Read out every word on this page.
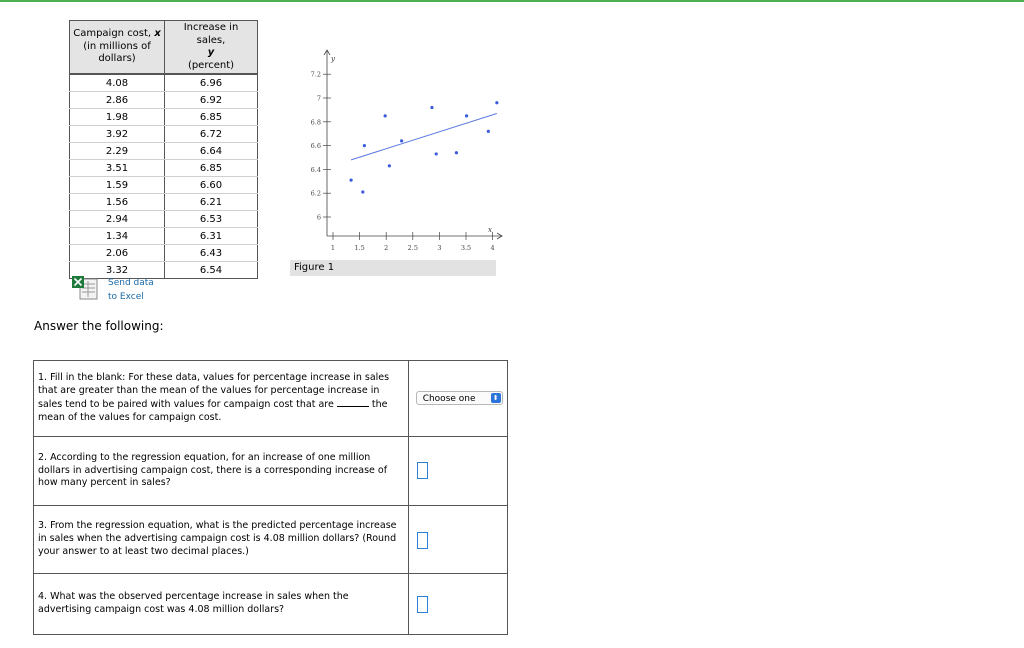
Campaign cost, x
(in millions of
dollars)	Increase in sales,
y
(percent)
4.08	6.96
2.86	6.92
1.98	6.85
3.92	6.72
2.29	6.64
3.51	6.85
1.59	6.60
1.56	6.21
2.94	6.53
1.34	6.31
2.06	6.43
3.32	6.54
Send data
to Excel
Answer the following:
x
y
1	1.5	2	2.5	3	3.5	4
6
6.2
6.4
6.6
6.8
7
7.2
Figure 1
1. Fill in the blank: For these data, values for percentage increase in sales that are greater than the mean of the values for percentage increase in sales tend to be paired with values for campaign cost that are the mean of the values for campaign cost.	Choose one ⬍

2. According to the regression equation, for an increase of one million dollars in advertising campaign cost, there is a corresponding increase of how many percent in sales?	

3. From the regression equation, what is the predicted percentage increase in sales when the advertising campaign cost is 4.08 million dollars? (Round your answer to at least two decimal places.)	

4. What was the observed percentage increase in sales when the advertising campaign cost was 4.08 million dollars?	
